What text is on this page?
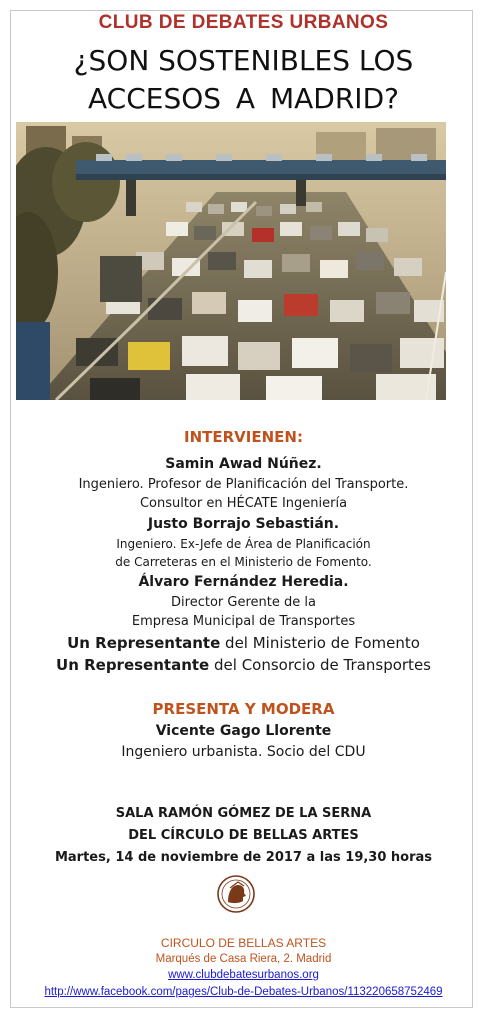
CLUB DE DEBATES URBANOS
¿SON SOSTENIBLES LOS
ACCESOS A MADRID?
INTERVIENEN:
Samin Awad Núñez.
Ingeniero. Profesor de Planificación del Transporte.
Consultor en HÉCATE Ingeniería
Justo Borrajo Sebastián.
Ingeniero. Ex-Jefe de Área de Planificación
de Carreteras en el Ministerio de Fomento.
Álvaro Fernández Heredia.
Director Gerente de la
Empresa Municipal de Transportes
Un Representante del Ministerio de Fomento
Un Representante del Consorcio de Transportes
PRESENTA Y MODERA
Vicente Gago Llorente
Ingeniero urbanista. Socio del CDU
SALA RAMÓN GÓMEZ DE LA SERNA
DEL CÍRCULO DE BELLAS ARTES
Martes, 14 de noviembre de 2017 a las 19,30 horas
CIRCULO DE BELLAS ARTES
Marqués de Casa Riera, 2. Madrid
www.clubdebatesurbanos.org
http://www.facebook.com/pages/Club-de-Debates-Urbanos/113220658752469
